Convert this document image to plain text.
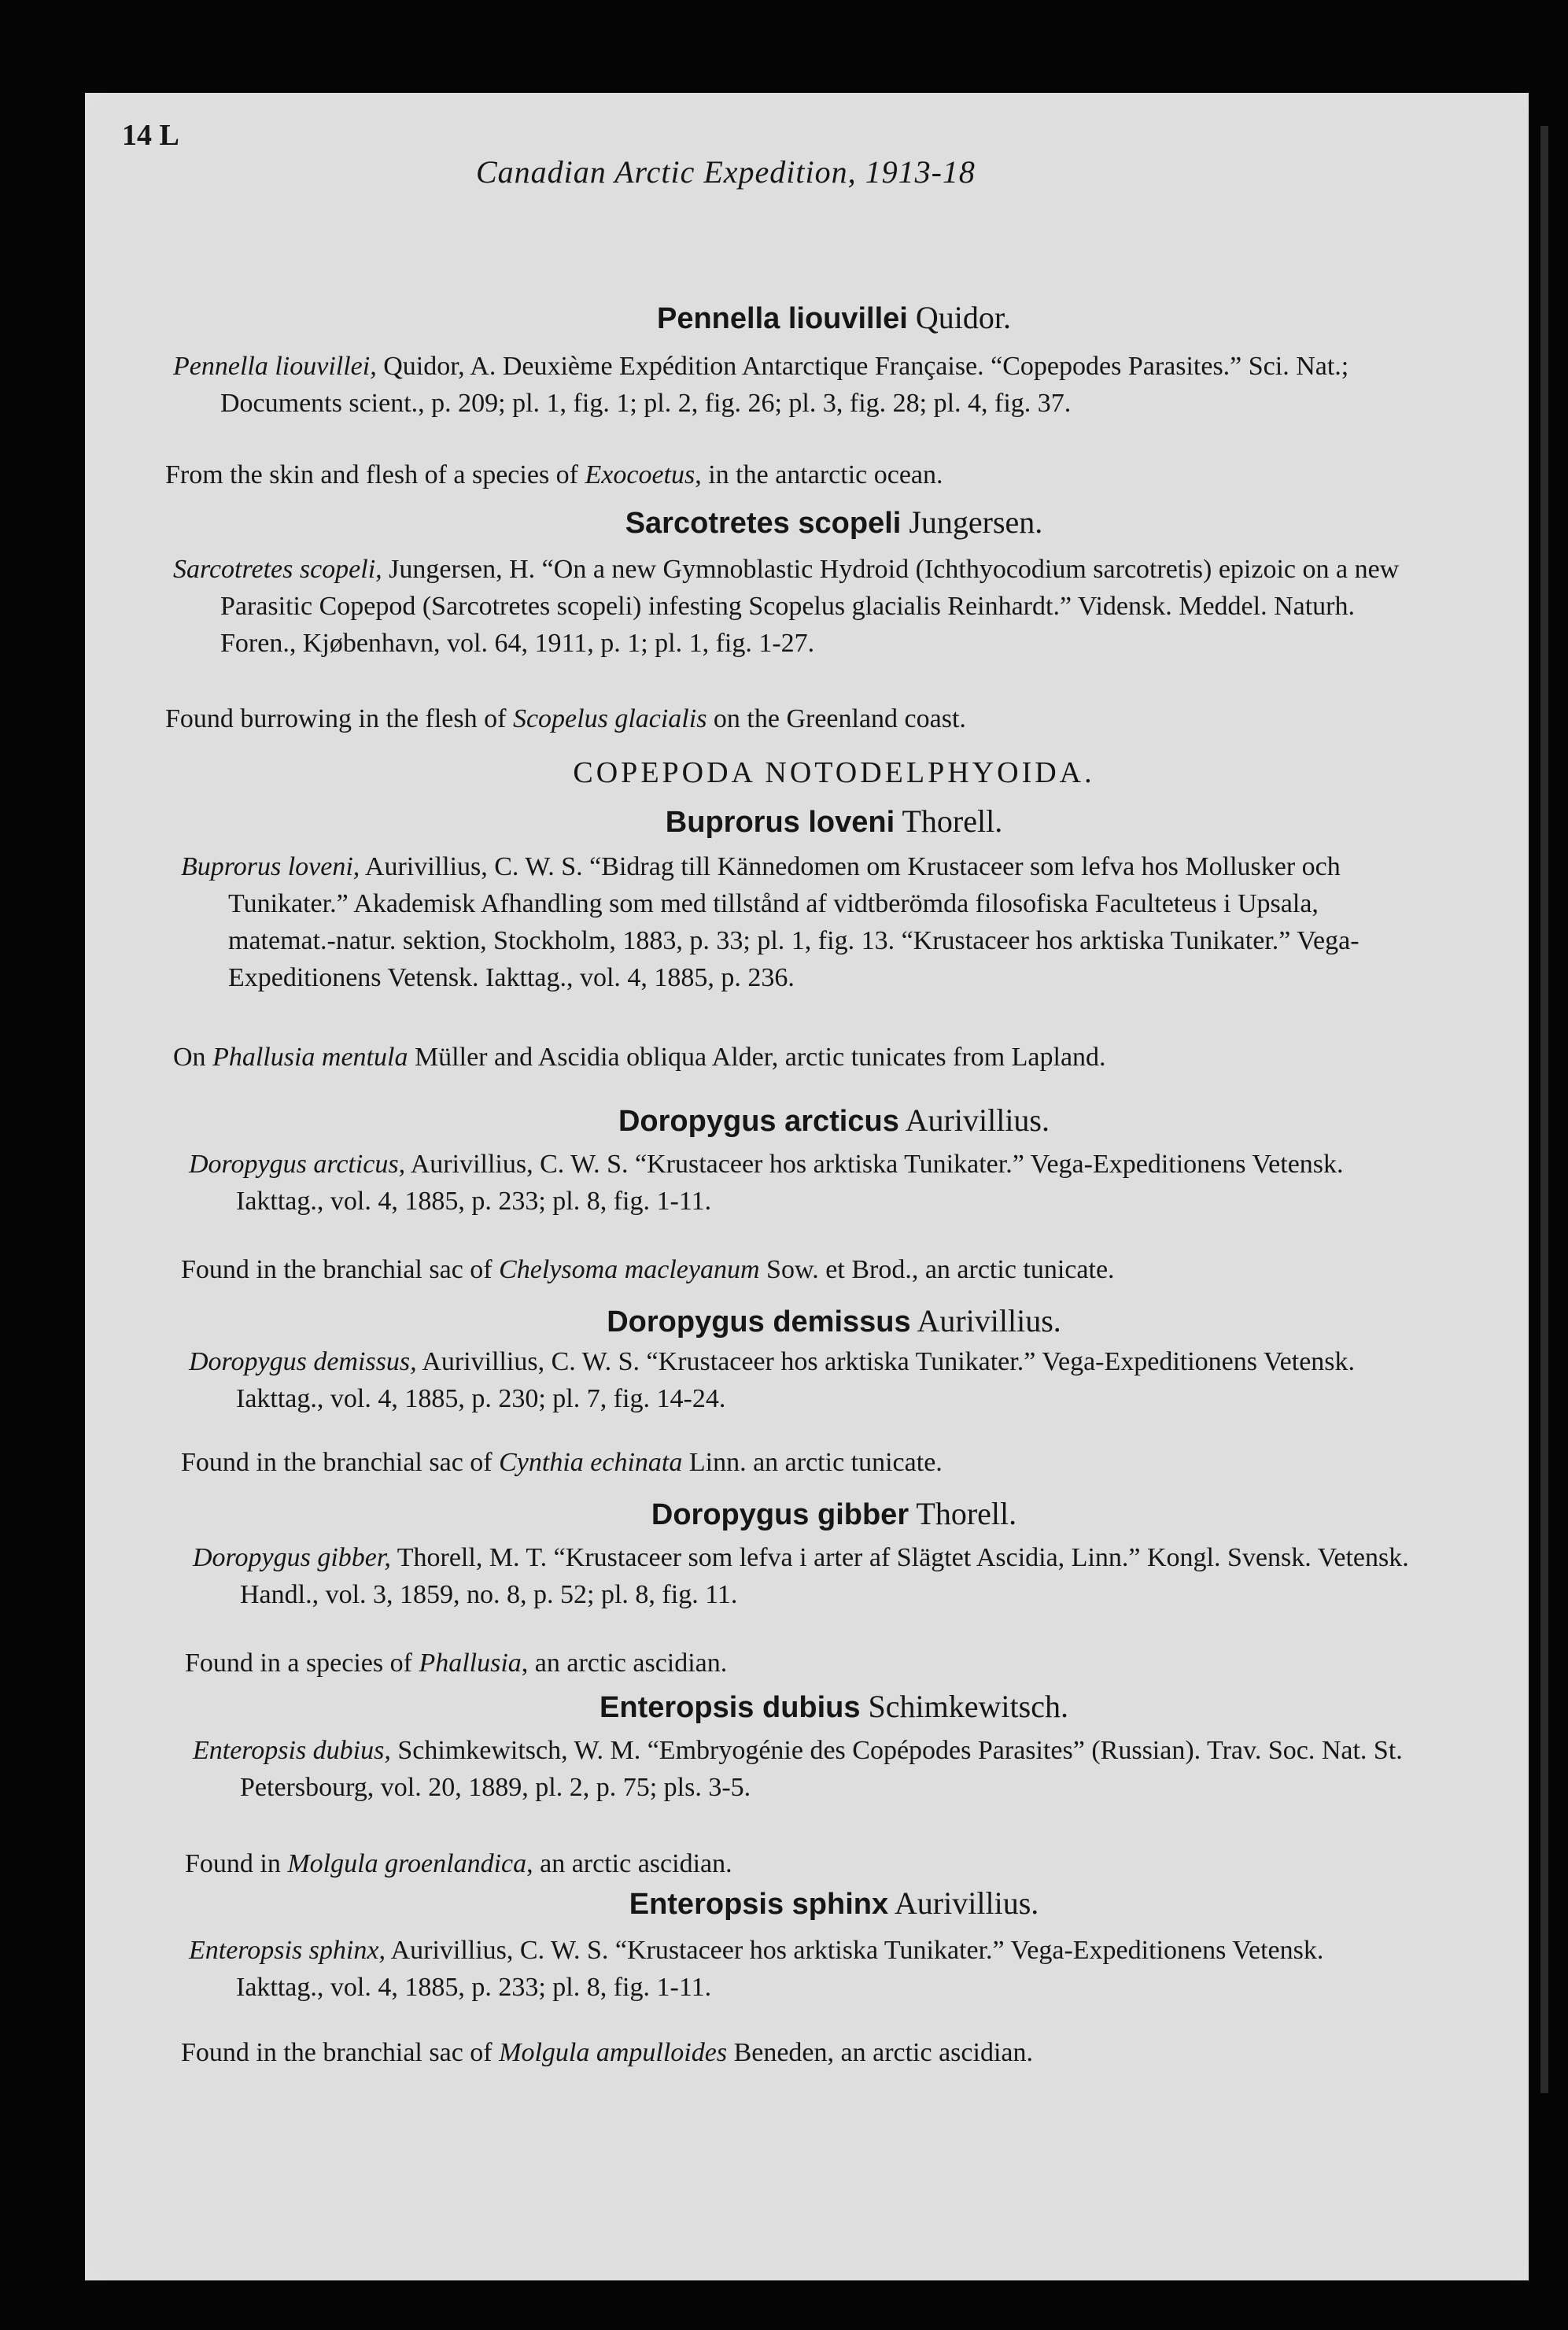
14 L
Canadian Arctic Expedition, 1913-18
Pennella liouvillei Quidor.
Pennella liouvillei, Quidor, A. Deuxième Expédition Antarctique Française. “Copepodes Parasites.” Sci. Nat.; Documents scient., p. 209; pl. 1, fig. 1; pl. 2, fig. 26; pl. 3, fig. 28; pl. 4, fig. 37.
From the skin and flesh of a species of Exocoetus, in the antarctic ocean.
Sarcotretes scopeli Jungersen.
Sarcotretes scopeli, Jungersen, H. “On a new Gymnoblastic Hydroid (Ichthyocodium sarcotretis) epizoic on a new Parasitic Copepod (Sarcotretes scopeli) infesting Scopelus glacialis Reinhardt.” Vidensk. Meddel. Naturh. Foren., Kjøbenhavn, vol. 64, 1911, p. 1; pl. 1, fig. 1-27.
Found burrowing in the flesh of Scopelus glacialis on the Greenland coast.
COPEPODA NOTODELPHYOIDA.
Buprorus loveni Thorell.
Buprorus loveni, Aurivillius, C. W. S. “Bidrag till Kännedomen om Krustaceer som lefva hos Mollusker och Tunikater.” Akademisk Afhandling som med tillstånd af vidtberömda filosofiska Faculteteus i Upsala, matemat.-natur. sektion, Stockholm, 1883, p. 33; pl. 1, fig. 13. “Krustaceer hos arktiska Tunikater.” Vega-Expeditionens Vetensk. Iakttag., vol. 4, 1885, p. 236.
On Phallusia mentula Müller and Ascidia obliqua Alder, arctic tunicates from Lapland.
Doropygus arcticus Aurivillius.
Doropygus arcticus, Aurivillius, C. W. S. “Krustaceer hos arktiska Tunikater.” Vega-Expeditionens Vetensk. Iakttag., vol. 4, 1885, p. 233; pl. 8, fig. 1-11.
Found in the branchial sac of Chelysoma macleyanum Sow. et Brod., an arctic tunicate.
Doropygus demissus Aurivillius.
Doropygus demissus, Aurivillius, C. W. S. “Krustaceer hos arktiska Tunikater.” Vega-Expeditionens Vetensk. Iakttag., vol. 4, 1885, p. 230; pl. 7, fig. 14-24.
Found in the branchial sac of Cynthia echinata Linn. an arctic tunicate.
Doropygus gibber Thorell.
Doropygus gibber, Thorell, M. T. “Krustaceer som lefva i arter af Slägtet Ascidia, Linn.” Kongl. Svensk. Vetensk. Handl., vol. 3, 1859, no. 8, p. 52; pl. 8, fig. 11.
Found in a species of Phallusia, an arctic ascidian.
Enteropsis dubius Schimkewitsch.
Enteropsis dubius, Schimkewitsch, W. M. “Embryogénie des Copépodes Parasites” (Russian). Trav. Soc. Nat. St. Petersbourg, vol. 20, 1889, pl. 2, p. 75; pls. 3-5.
Found in Molgula groenlandica, an arctic ascidian.
Enteropsis sphinx Aurivillius.
Enteropsis sphinx, Aurivillius, C. W. S. “Krustaceer hos arktiska Tunikater.” Vega-Expeditionens Vetensk. Iakttag., vol. 4, 1885, p. 233; pl. 8, fig. 1-11.
Found in the branchial sac of Molgula ampulloides Beneden, an arctic ascidian.
